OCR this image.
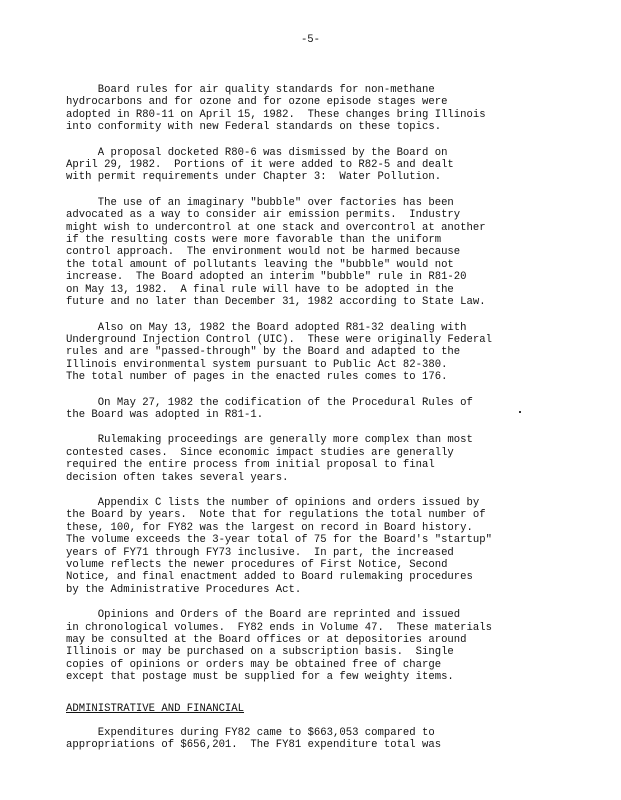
-5-
Board rules for air quality standards for non-methane
hydrocarbons and for ozone and for ozone episode stages were
adopted in R80-11 on April 15, 1982.  These changes bring Illinois
into conformity with new Federal standards on these topics.
A proposal docketed R80-6 was dismissed by the Board on
April 29, 1982.  Portions of it were added to R82-5 and dealt
with permit requirements under Chapter 3:  Water Pollution.
The use of an imaginary "bubble" over factories has been
advocated as a way to consider air emission permits.  Industry
might wish to undercontrol at one stack and overcontrol at another
if the resulting costs were more favorable than the uniform
control approach.  The environment would not be harmed because
the total amount of pollutants leaving the "bubble" would not
increase.  The Board adopted an interim "bubble" rule in R81-20
on May 13, 1982.  A final rule will have to be adopted in the
future and no later than December 31, 1982 according to State Law.
Also on May 13, 1982 the Board adopted R81-32 dealing with
Underground Injection Control (UIC).  These were originally Federal
rules and are "passed-through" by the Board and adapted to the
Illinois environmental system pursuant to Public Act 82-380.
The total number of pages in the enacted rules comes to 176.
On May 27, 1982 the codification of the Procedural Rules of
the Board was adopted in R81-1.
Rulemaking proceedings are generally more complex than most
contested cases.  Since economic impact studies are generally
required the entire process from initial proposal to final
decision often takes several years.
Appendix C lists the number of opinions and orders issued by
the Board by years.  Note that for regulations the total number of
these, 100, for FY82 was the largest on record in Board history.
The volume exceeds the 3-year total of 75 for the Board's "startup"
years of FY71 through FY73 inclusive.  In part, the increased
volume reflects the newer procedures of First Notice, Second
Notice, and final enactment added to Board rulemaking procedures
by the Administrative Procedures Act.
Opinions and Orders of the Board are reprinted and issued
in chronological volumes.  FY82 ends in Volume 47.  These materials
may be consulted at the Board offices or at depositories around
Illinois or may be purchased on a subscription basis.  Single
copies of opinions or orders may be obtained free of charge
except that postage must be supplied for a few weighty items.
ADMINISTRATIVE AND FINANCIAL
Expenditures during FY82 came to $663,053 compared to
appropriations of $656,201.  The FY81 expenditure total was
